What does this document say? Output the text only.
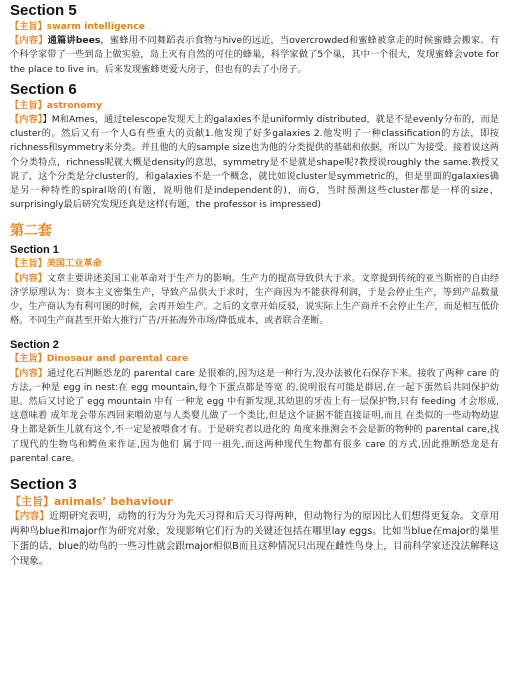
Section 5

【主旨】swarm intelligence

【内容】通篇讲bees，蜜蜂用不同舞蹈表示食物与hive的远近，当overcrowded和蜜蜂被拿走的时候蜜蜂会搬家。有个科学家带了一些到岛上做实验，岛上灭有自然的可住的蜂巢，科学家做了5个巢，其中一个很大，发现蜜蜂会vote for the place to live in。后来发现蜜蜂更爱大房子，但也有的去了小房子。

Section 6

【主旨】astronomy

【内容】】M和Ames，通过telescope发现天上的galaxies不是uniformly distributed，就是不是evenly分布的，而是cluster的。然后又有一个人G有些重大的贡献1.他发现了好多galaxies 2.他发明了一种classification的方法，即按richness和symmetry来分类。并且他的大的sample size也为他的分类提供的基础和依据，所以广为接受。接着说这两个分类特点，richness呢就大概是density的意思，symmetry是不是就是shape呢?教授说roughly the same.教授又说了，这个分类是分cluster的，和galaxies不是一个概念，就比如说cluster是symmetric的，但是里面的galaxies确是另一种特性的spiral啥的(有题，说明他们是independent的)，而G，当时预测这些cluster都是一样的size，surprisingly最后研究发现还真是这样(有题，the professor is impressed)

第二套
Section 1

【主旨】美国工业革命

【内容】文章主要讲述美国工业革命对于生产力的影响。生产力的提高导致供大于求。文章提到传统的亚当斯密的自由经济学原理认为：资本主义密集生产，导致产品供大于求时，生产商因为不能获得利润，于是会停止生产，等到产品数量少，生产商认为有利可图的时候，会再开始生产。之后的文章开始反驳，说实际上生产商并不会停止生产，而是相互低价格。不同生产商甚至开始大推行广告/开拓海外市场/降低成本，或者联合垄断。

Section 2

【主旨】Dinosaur and parental care

【内容】通过化石判断恐龙的 parental care 是很难的,因为这是一种行为,没办法被化石保存下来。接收了两种 care 的方法,一种是 egg in nest:在 egg mountain,每个下蛋点都是等宽 的,说明很有可能是群居,在一起下蛋然后共同保护幼崽。然后又讨论了 egg mountain 中有 一种龙 egg 中有新发现,其幼崽的牙齿上有一层保护物,只有 feeding 才会形成,这意味着 成年龙会带东西回来喂幼崽与人类婴儿做了一个类比,但是这个证据不能直接证明,而且 在类似的一些动物幼崽身上都是新生儿就有这个,不一定是被喂食才有。于是研究者以进化的 角度来推测会不会是新的物种的 parental care,找了现代的生物鸟和鳄鱼来作证,因为他们 属于同一祖先,而这两种现代生物都有很多 care 的方式,因此推断恐龙是有 parental care。

Section 3

【主旨】animals’ behaviour

【内容】近期研究表明，动物的行为分为先天习得和后天习得两种，但动物行为的原因比人们想得更复杂。文章用两种鸟blue和major作为研究对象，发现影响它们行为的关键还包括在哪里lay eggs。比如当blue在major的巢里下蛋的话，blue的幼鸟的一些习性就会跟major相似B而且这种情况只出现在雌性鸟身上，目前科学家还没法解释这个现象。
